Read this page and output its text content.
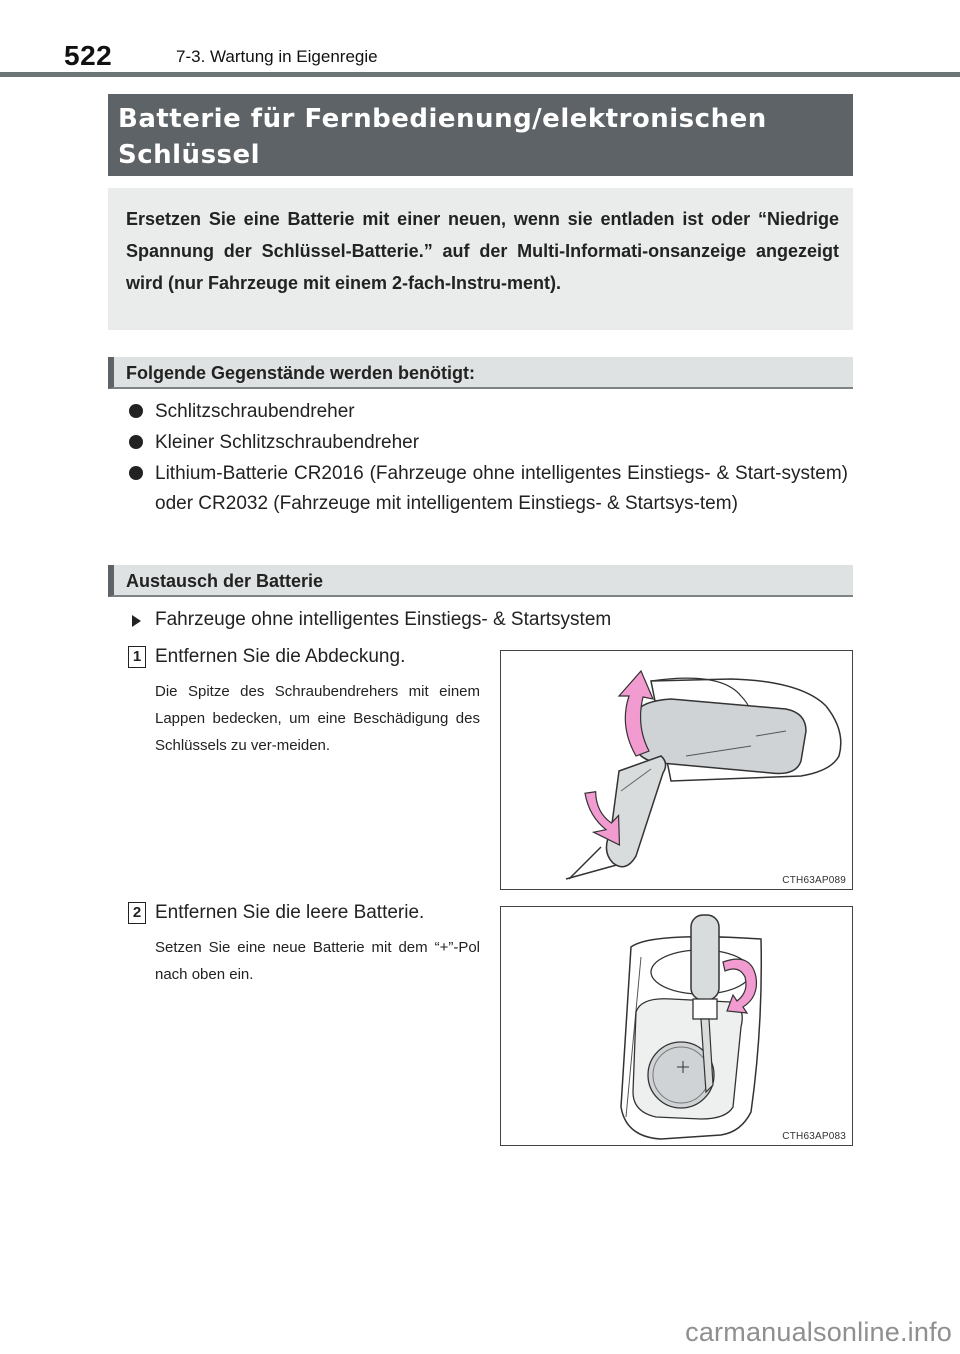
522	7-3. Wartung in Eigenregie
Batterie für Fernbedienung/elektronischen
Schlüssel
Ersetzen Sie eine Batterie mit einer neuen, wenn sie entladen ist oder “Niedrige Spannung der Schlüssel-Batterie.” auf der Multi-Informati-onsanzeige angezeigt wird (nur Fahrzeuge mit einem 2-fach-Instru-ment).
Folgende Gegenstände werden benötigt:
Schlitzschraubendreher
Kleiner Schlitzschraubendreher
Lithium-Batterie CR2016 (Fahrzeuge ohne intelligentes Einstiegs- & Start-system) oder CR2032 (Fahrzeuge mit intelligentem Einstiegs- & Startsys-tem)
Austausch der Batterie
Fahrzeuge ohne intelligentes Einstiegs- & Startsystem
1 Entfernen Sie die Abdeckung.
Die Spitze des Schraubendrehers mit einem Lappen bedecken, um eine Beschädigung des Schlüssels zu ver-meiden.
CTH63AP089
2 Entfernen Sie die leere Batterie.
Setzen Sie eine neue Batterie mit dem “+”-Pol nach oben ein.
CTH63AP083
carmanualsonline.info
